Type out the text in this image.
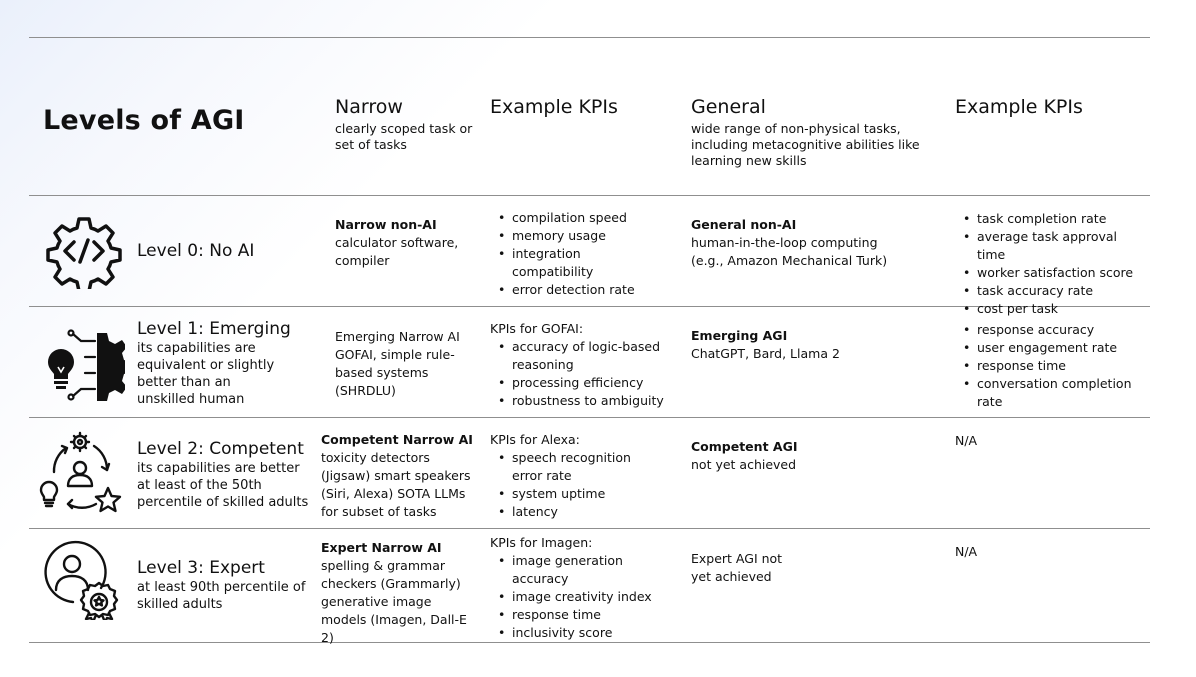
Levels of AGI	Narrow
clearly scoped task or set of tasks
Example KPIs	General
wide range of non-physical tasks, including metacognitive abilities like learning new skills
Example KPIs
Level 0: No AI
Narrow non-AI
calculator software, compiler
• compilation speed
• memory usage
• integration compatibility
• error detection rate
General non-AI
human-in-the-loop computing (e.g., Amazon Mechanical Turk)
• task completion rate
• average task approval time
• worker satisfaction score
• task accuracy rate
• cost per task
Level 1: Emerging
its capabilities are equivalent or slightly better than an unskilled human
Emerging Narrow AI GOFAI, simple rule-based systems (SHRDLU)
KPIs for GOFAI:
• accuracy of logic-based reasoning
• processing efficiency
• robustness to ambiguity
Emerging AGI
ChatGPT, Bard, Llama 2
• response accuracy
• user engagement rate
• response time
• conversation completion rate
Level 2: Competent
its capabilities are better at least of the 50th percentile of skilled adults
Competent Narrow AI
toxicity detectors (Jigsaw) smart speakers (Siri, Alexa) SOTA LLMs for subset of tasks
KPIs for Alexa:
• speech recognition error rate
• system uptime
• latency
Competent AGI
not yet achieved
N/A
Level 3: Expert
at least 90th percentile of skilled adults
Expert Narrow AI
spelling & grammar checkers (Grammarly) generative image models (Imagen, Dall-E 2)
KPIs for Imagen:
• image generation accuracy
• image creativity index
• response time
• inclusivity score
Expert AGI not yet achieved
N/A
